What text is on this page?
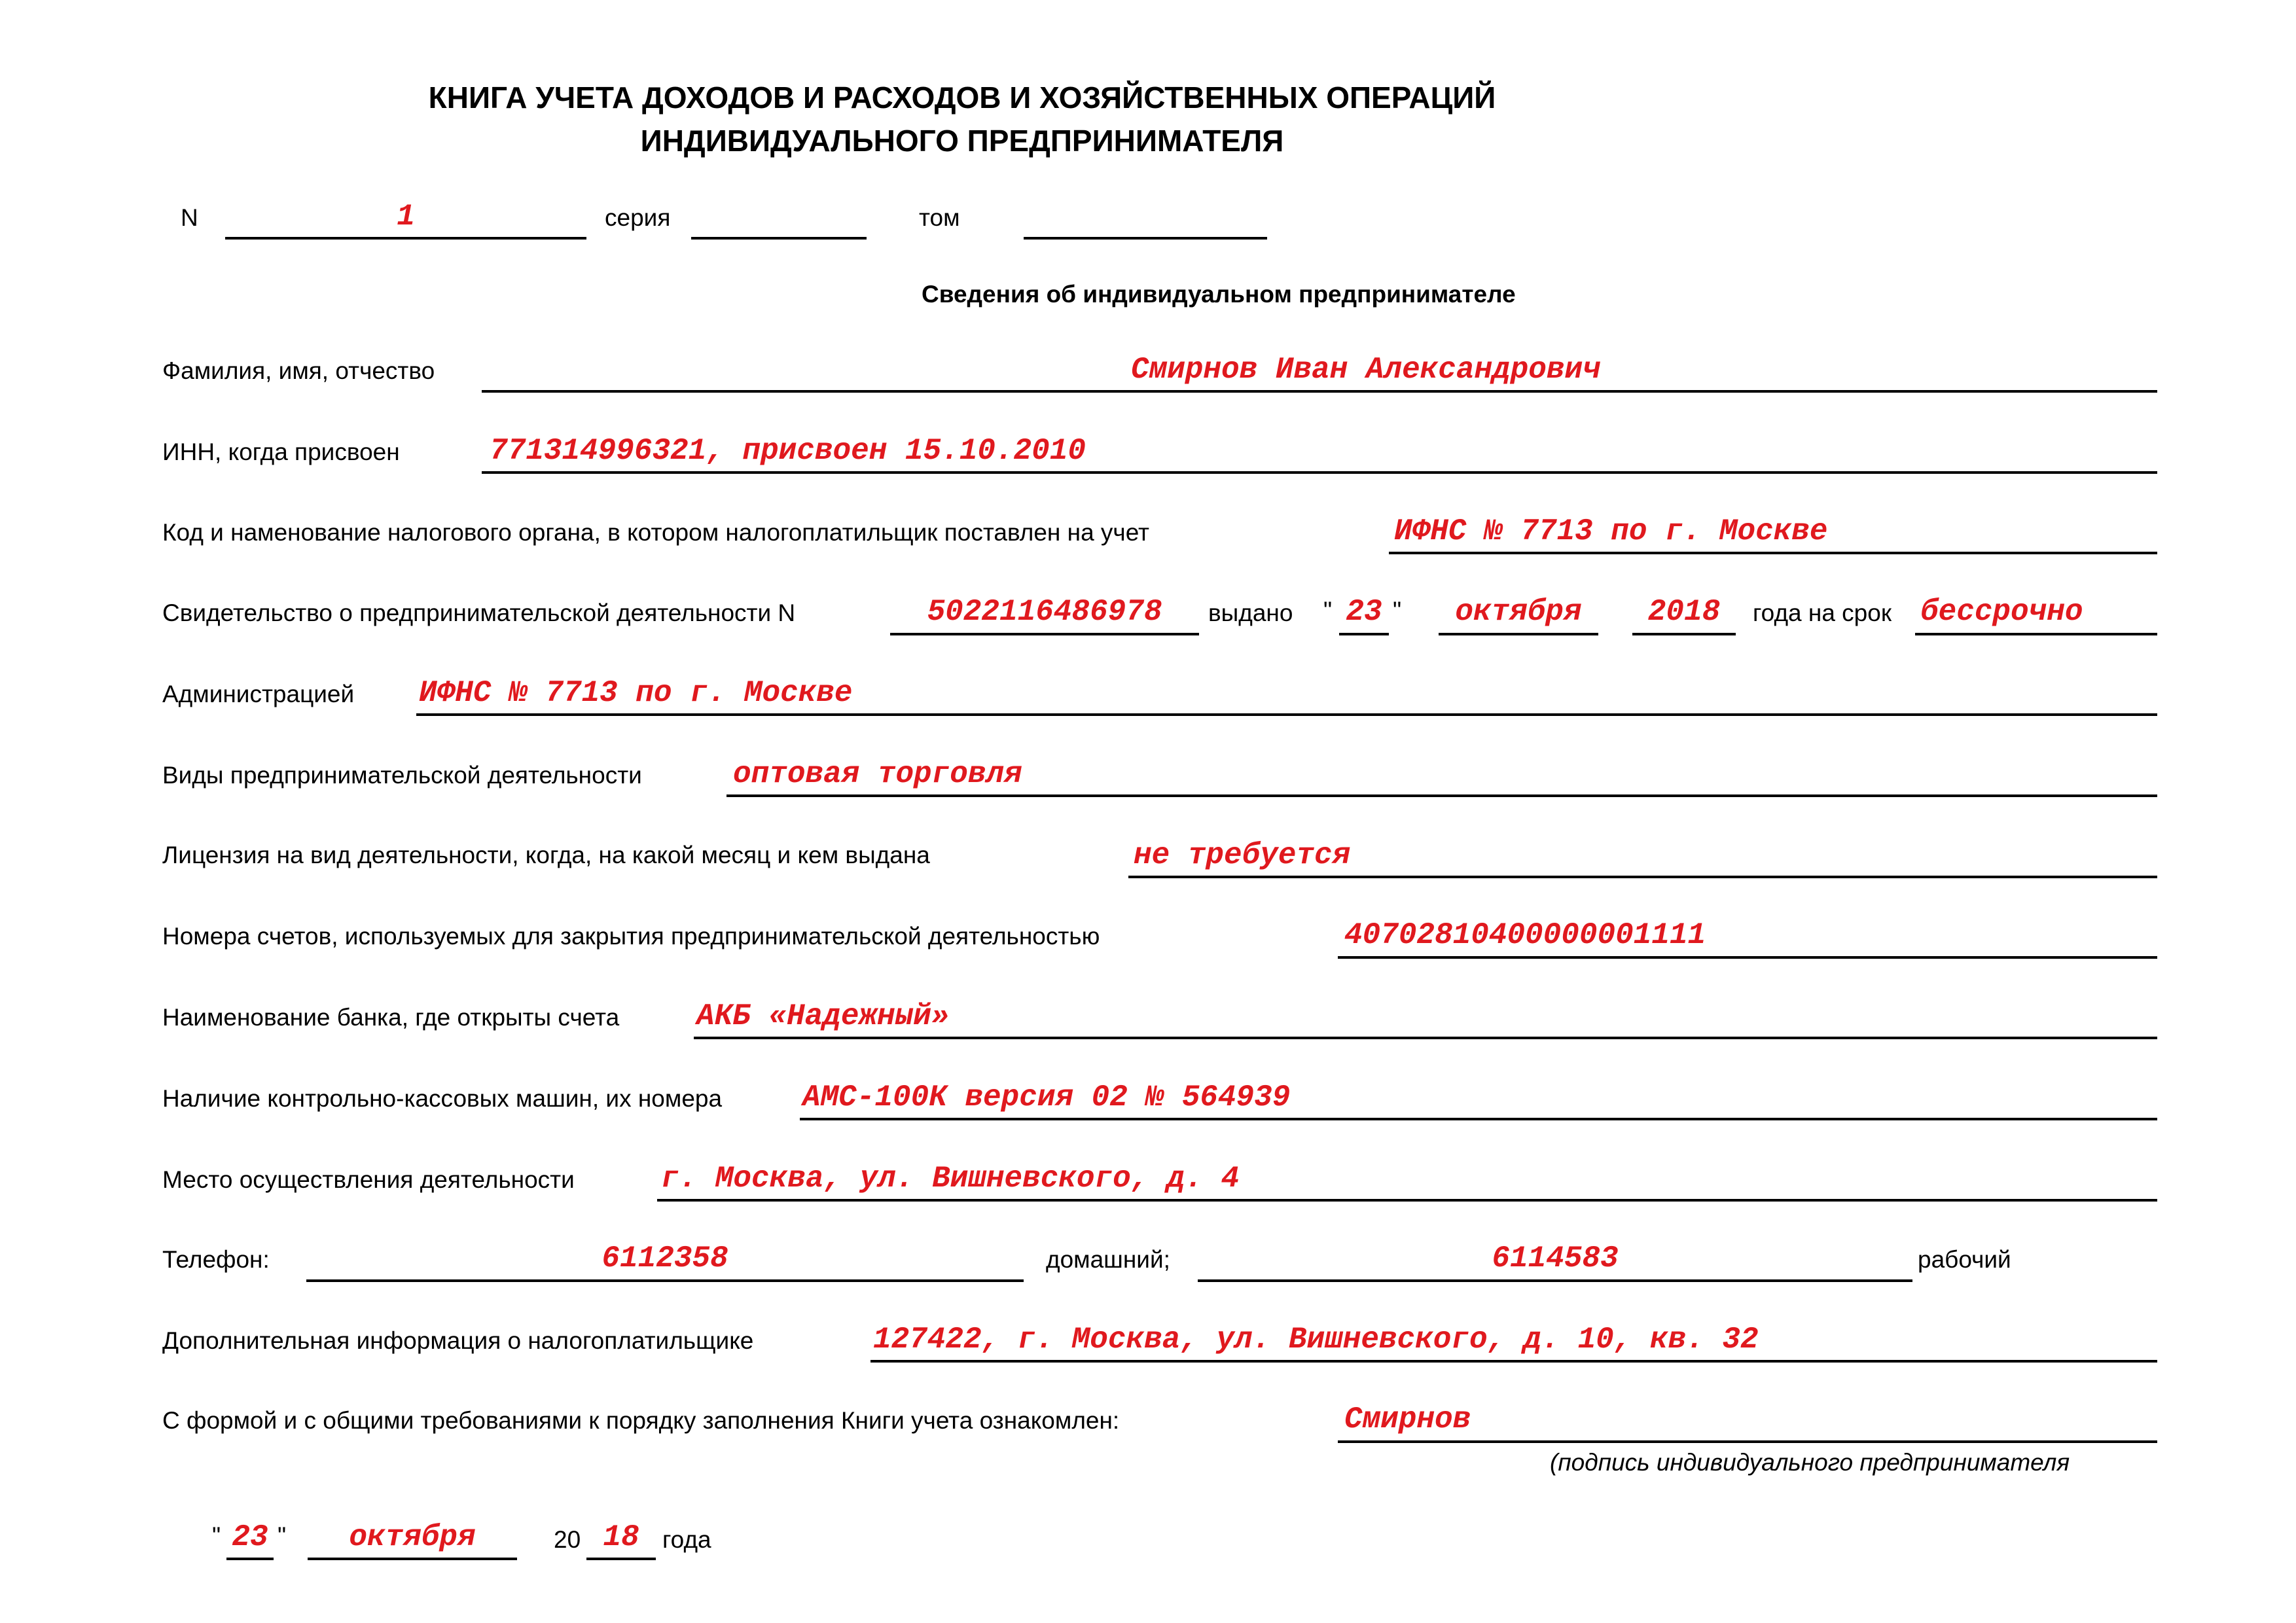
КНИГА УЧЕТА ДОХОДОВ И РАСХОДОВ И ХОЗЯЙСТВЕННЫХ ОПЕРАЦИЙ
ИНДИВИДУАЛЬНОГО ПРЕДПРИНИМАТЕЛЯ
N	1	серия	том
Сведения об индивидуальном предпринимателе
Фамилия, имя, отчество	Смирнов Иван Александрович
ИНН, когда присвоен	771314996321, присвоен 15.10.2010
Код и наменование налогового органа, в котором налогоплатильщик поставлен на учет	ИФНС № 7713 по г. Москве
Свидетельство о предпринимательской деятельности N	5022116486978	выдано " 23 "	октября	2018	года на срок бессрочно
Администрацией ИФНС № 7713 по г. Москве
Виды предпринимательской деятельности	оптовая торговля
Лицензия на вид деятельности, когда, на какой месяц и кем выдана	не требуется
Номера счетов, используемых для закрытия предпринимательской деятельностью	40702810400000001111
Наименование банка, где открыты счета	АКБ «Надежный»
Наличие контрольно-кассовых машин, их номера	АМС-100К версия 02 № 564939
Место осуществления деятельности	г. Москва, ул. Вишневского, д. 4
Телефон:	6112358	домашний;	6114583	рабочий
Дополнительная информация о налогоплатильщике	127422, г. Москва, ул. Вишневского, д. 10, кв. 32
С формой и с общими требованиями к порядку заполнения Книги учета ознакомлен:	Смирнов
(подпись индивидуального предпринимателя
" 23 "	октября	20 18 года
